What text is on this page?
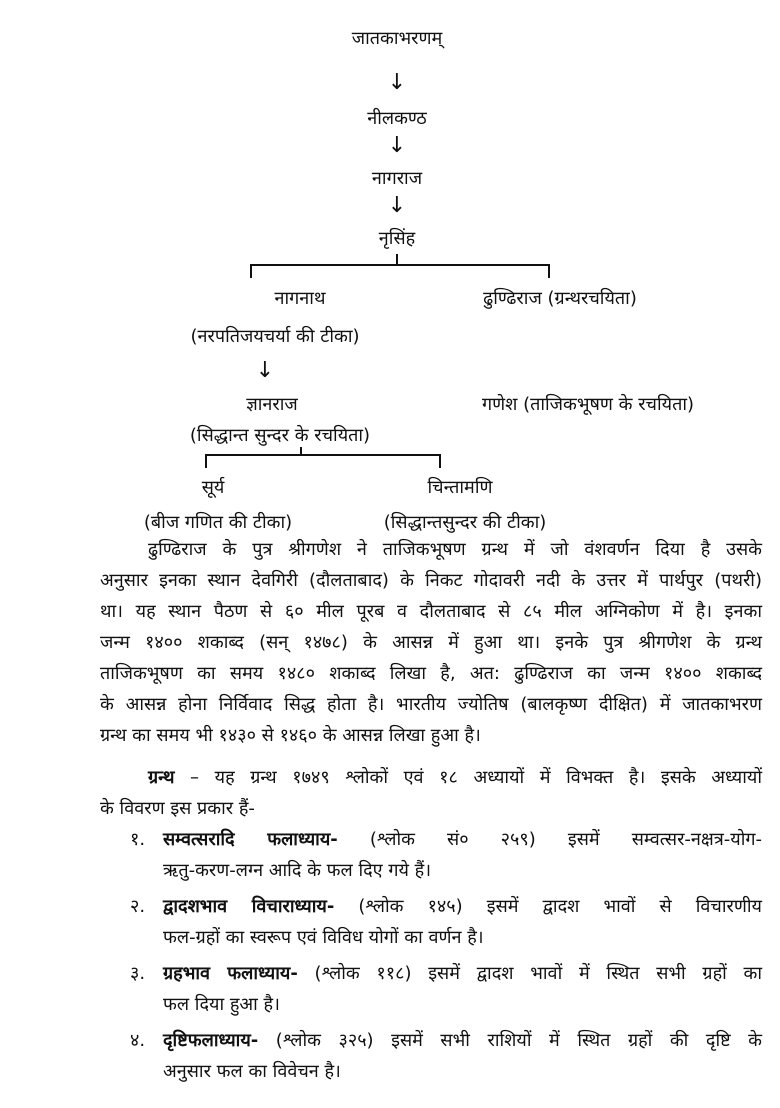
जातकाभरणम्
↓
नीलकण्ठ
↓
नागराज
↓
नृसिंह
नागनाथ	ढुण्ढिराज (ग्रन्थरचयिता)
(नरपतिजयचर्या की टीका)
↓
ज्ञानराज	गणेश (ताजिकभूषण के रचयिता)
(सिद्धान्त सुन्दर के रचयिता)
सूर्य	चिन्तामणि
(बीज गणित की टीका)	(सिद्धान्तसुन्दर की टीका)
ढुण्ढिराज के पुत्र श्रीगणेश ने ताजिकभूषण ग्रन्थ में जो वंशवर्णन दिया है उसके
अनुसार इनका स्थान देवगिरी (दौलताबाद) के निकट गोदावरी नदी के उत्तर में पार्थपुर (पथरी)
था। यह स्थान पैठण से ६० मील पूरब व दौलताबाद से ८५ मील अग्निकोण में है। इनका
जन्म १४०० शकाब्द (सन् १४७८) के आसन्न में हुआ था। इनके पुत्र श्रीगणेश के ग्रन्थ
ताजिकभूषण का समय १४८० शकाब्द लिखा है, अत: ढुण्ढिराज का जन्म १४०० शकाब्द
के आसन्न होना निर्विवाद सिद्ध होता है। भारतीय ज्योतिष (बालकृष्ण दीक्षित) में जातकाभरण
ग्रन्थ का समय भी १४३० से १४६० के आसन्न लिखा हुआ है।
ग्रन्थ – यह ग्रन्थ १७४९ श्लोकों एवं १८ अध्यायों में विभक्त है। इसके अध्यायों
के विवरण इस प्रकार हैं-
१. सम्वत्सरादि फलाध्याय- (श्लोक सं० २५९) इसमें सम्वत्सर-नक्षत्र-योग-
ऋतु-करण-लग्न आदि के फल दिए गये हैं।
२. द्वादशभाव विचाराध्याय- (श्लोक १४५) इसमें द्वादश भावों से विचारणीय
फल-ग्रहों का स्वरूप एवं विविध योगों का वर्णन है।
३. ग्रहभाव फलाध्याय- (श्लोक ११८) इसमें द्वादश भावों में स्थित सभी ग्रहों का
फल दिया हुआ है।
४. दृष्टिफलाध्याय- (श्लोक ३२५) इसमें सभी राशियों में स्थित ग्रहों की दृष्टि के
अनुसार फल का विवेचन है।
